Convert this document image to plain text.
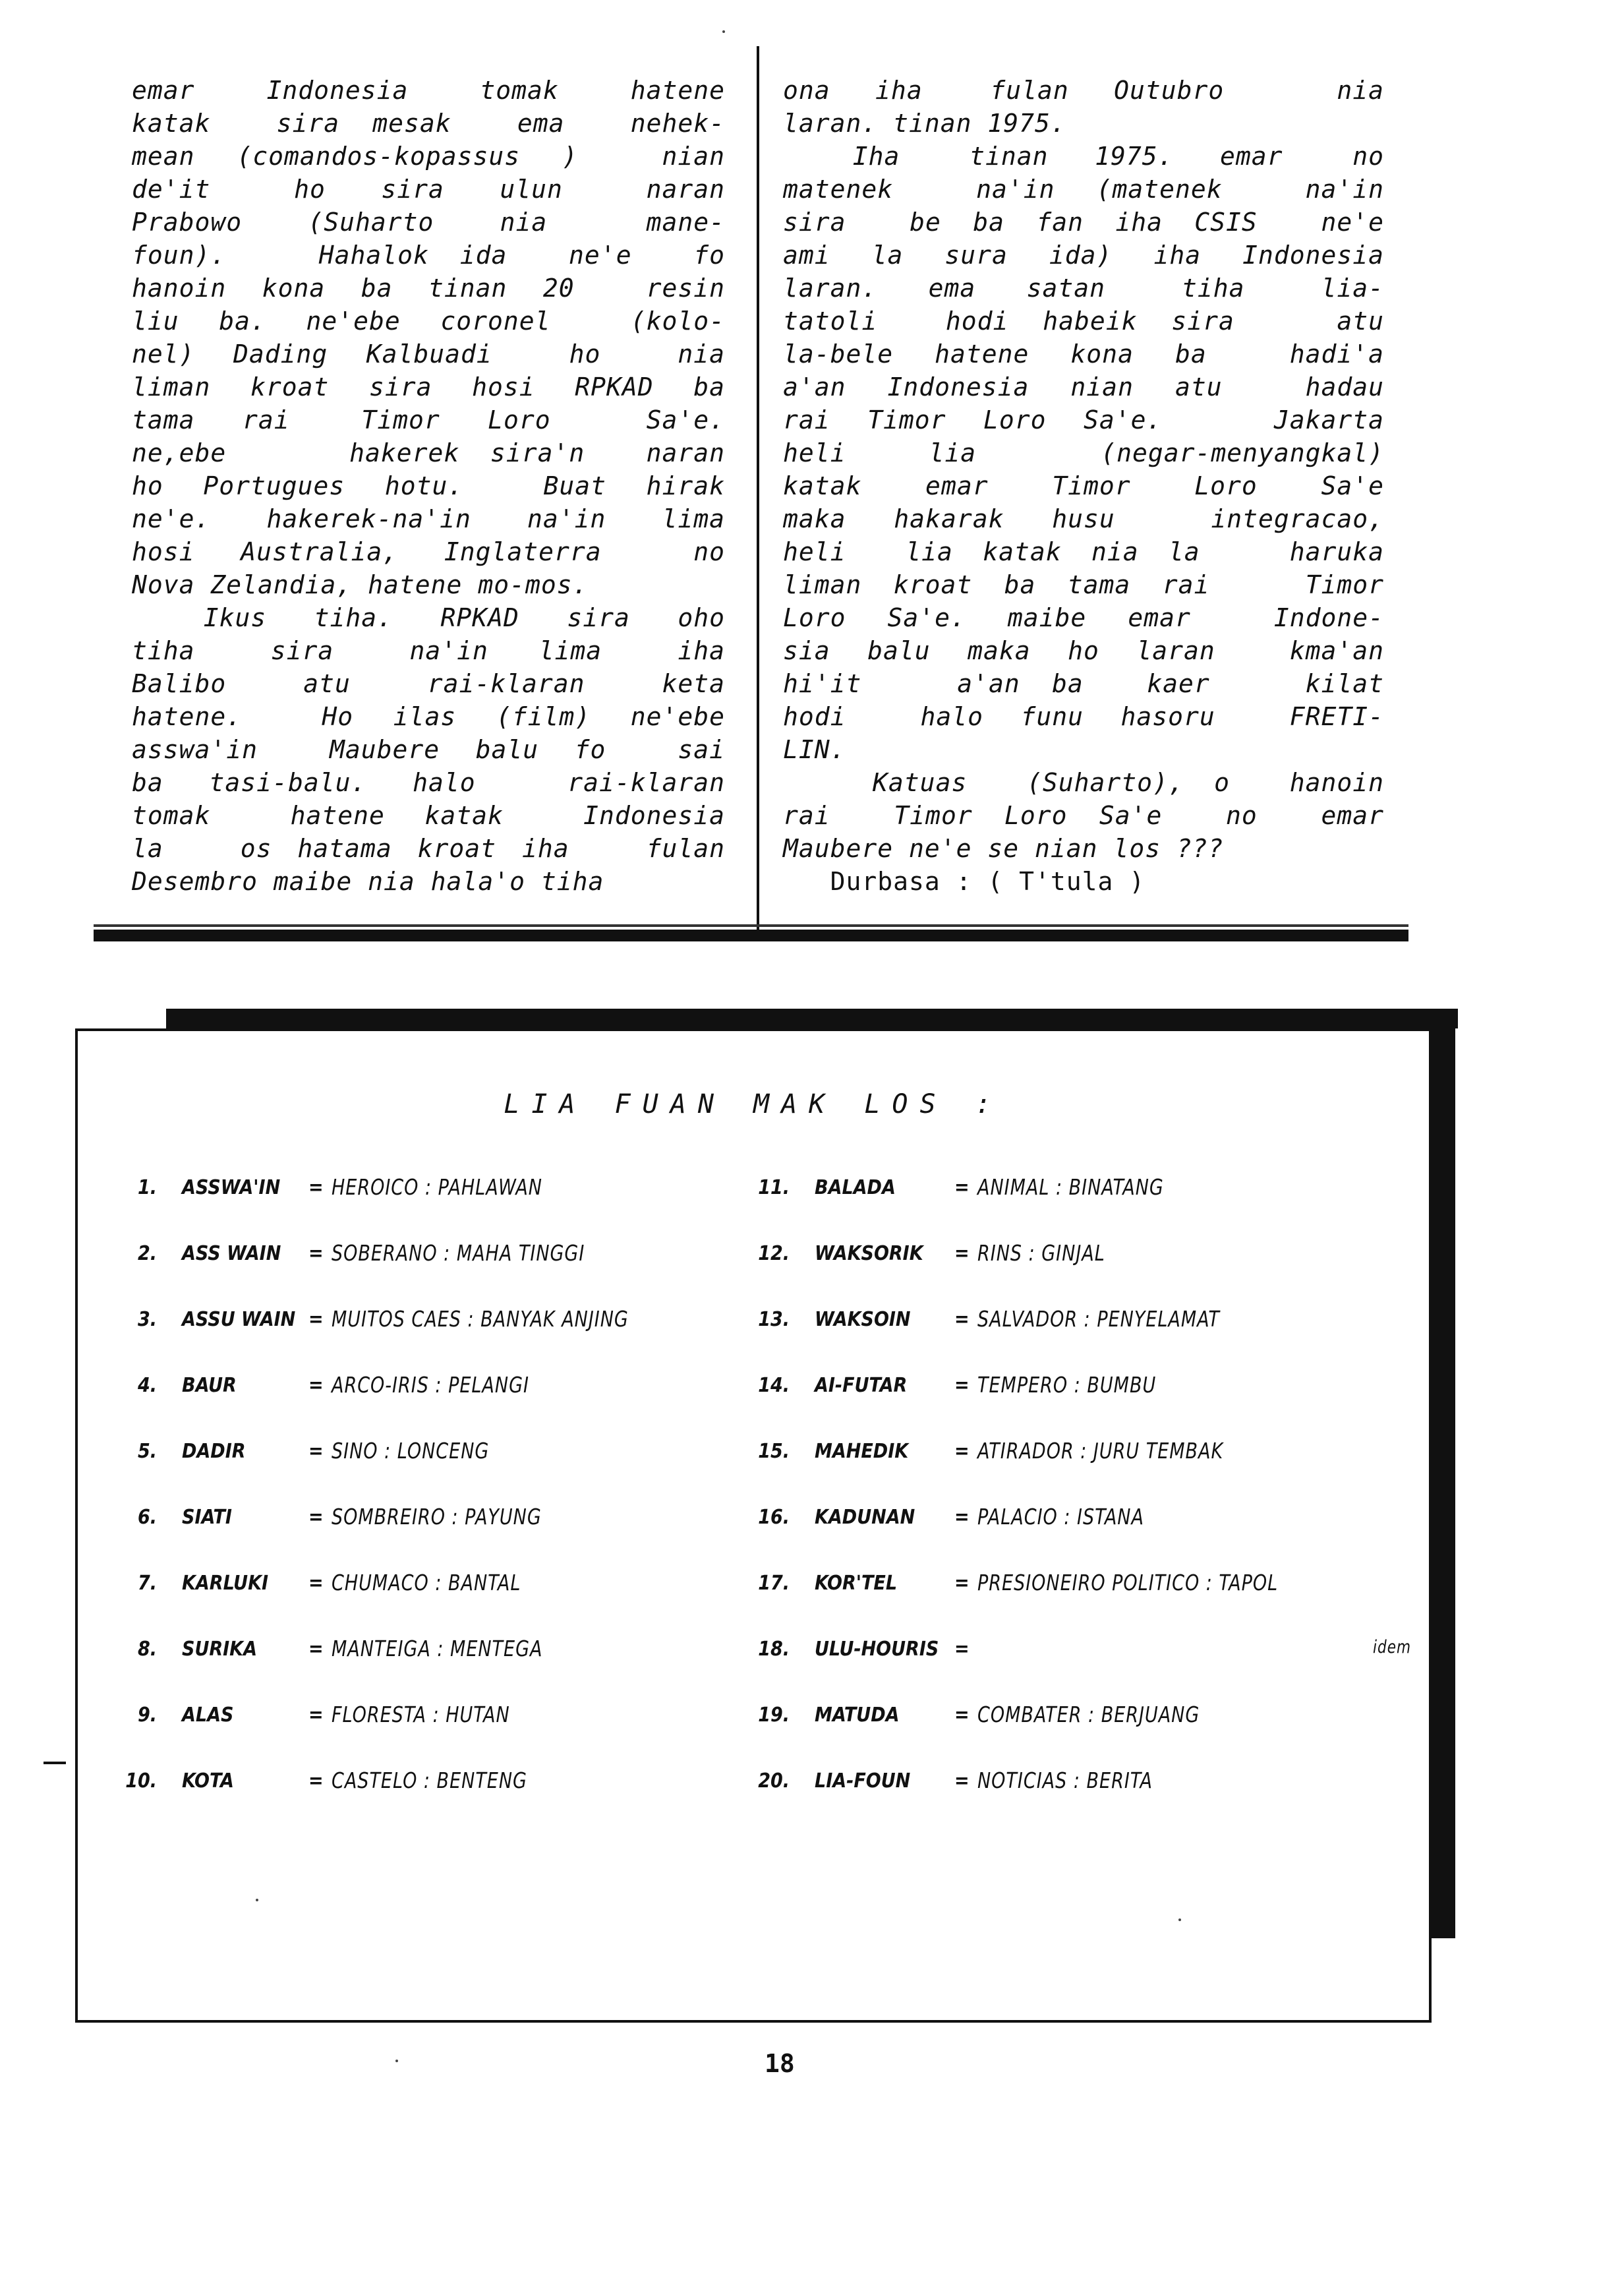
emar  Indonesia  tomak  hatene
katak  sira mesak  ema  nehek-
mean (comandos-kopassus )  nian
de'it   ho  sira  ulun   naran
Prabowo  (Suharto  nia   mane-
foun).   Hahalok ida  ne'e  fo
hanoin kona ba tinan 20  resin
liu ba. ne'ebe coronel  (kolo-
nel) Dading Kalbuadi  ho  nia
liman kroat sira hosi RPKAD ba
tama  rai   Timor  Loro    Sa'e.
ne,ebe    hakerek sira'n  naran
ho Portugues hotu.  Buat hirak
ne'e. hakerek-na'in na'in lima
hosi Australia, Inglaterra  no
Nova Zelandia, hatene mo-mos.
Ikus  tiha.  RPKAD  sira  oho
tiha   sira   na'in  lima   iha
Balibo   atu   rai-klaran   keta
hatene.  Ho ilas (film) ne'ebe
asswa'in  Maubere balu fo  sai
ba tasi-balu. halo  rai-klaran
tomak  hatene katak  Indonesia
la   os hatama kroat iha   fulan
Desembro maibe nia hala'o tiha
ona  iha   fulan  Outubro     nia
laran. tinan 1975.
Iha   tinan  1975.  emar   no
matenek  na'in (matenek  na'in
sira  be ba fan iha CSIS  ne'e
ami la sura ida) iha Indonesia
laran.  ema  satan   tiha   lia-
tatoli  hodi habeik sira   atu
la-bele hatene kona ba  hadi'a
a'an Indonesia nian atu  hadau
rai Timor Loro Sa'e.   Jakarta
heli  lia   (negar-menyangkal)
katak  emar  Timor  Loro  Sa'e
maka hakarak husu  integracao,
heli  lia katak nia la   haruka
liman kroat ba tama rai   Timor
Loro Sa'e. maibe emar  Indone-
sia balu maka ho laran  kma'an
hi'it   a'an ba  kaer   kilat
hodi  halo funu hasoru  FRETI-
LIN.
Katuas  (Suharto), o  hanoin
rai  Timor Loro Sa'e  no  emar
Maubere ne'e se nian los ???
Durbasa : ( T'tula )
LIA FUAN MAK LOS :
1. ASSWA'IN = HEROICO : PAHLAWAN
2. ASS WAIN = SOBERANO : MAHA TINGGI
3. ASSU WAIN = MUITOS CAES : BANYAK ANJING
4. BAUR	= ARCO-IRIS : PELANGI
5. DADIR	= SINO : LONCENG
6. SIATI	= SOMBREIRO : PAYUNG
7. KARLUKI = CHUMACO : BANTAL
8. SURIKA	= MANTEIGA : MENTEGA
9. ALAS	= FLORESTA : HUTAN
10. KOTA	= CASTELO : BENTENG
11. BALADA	= ANIMAL : BINATANG
12. WAKSORIK = RINS : GINJAL
13. WAKSOIN = SALVADOR : PENYELAMAT
14. AI-FUTAR = TEMPERO : BUMBU
15. MAHEDIK = ATIRADOR : JURU TEMBAK
16. KADUNAN = PALACIO : ISTANA
17. KOR'TEL	= PRESIONEIRO POLITICO : TAPOL
18. ULU-HOURIS =	idem
19. MATUDA	= COMBATER : BERJUANG
20. LIA-FOUN = NOTICIAS : BERITA
18
